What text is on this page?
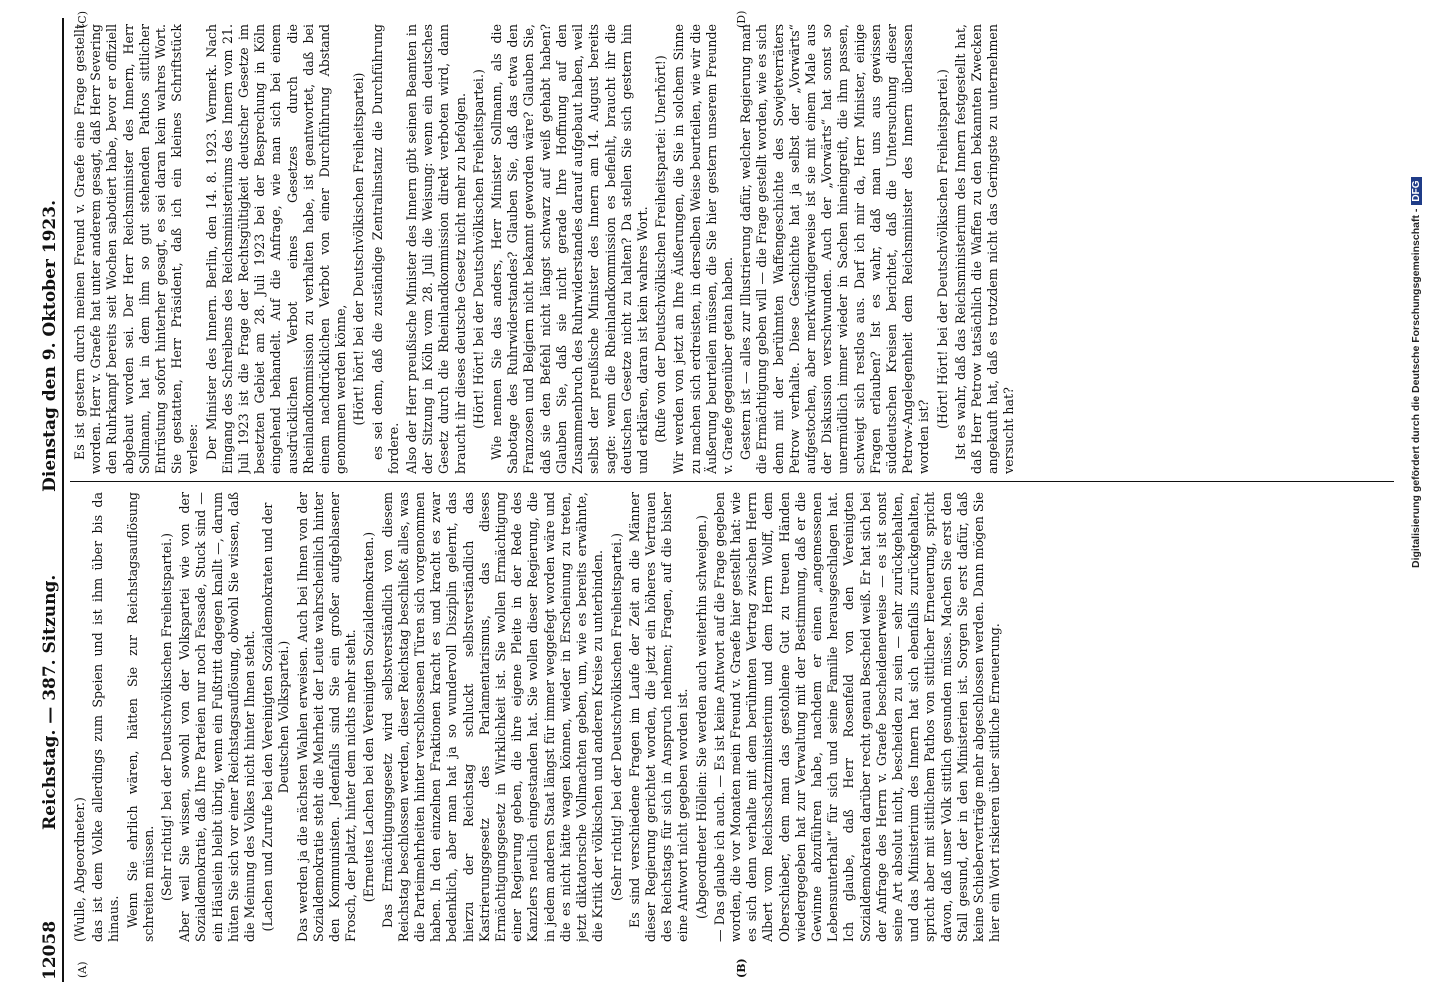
12058
Reichstag. — 387. Sitzung.
Dienstag den 9. Oktober 1923.
(A)	(B)
(C)	(D)

(Wulle, Abgeordneter.) das ist dem Volke allerdings zum Speien und ist ihm über bis da hinaus. Wenn Sie ehrlich wären, hätten Sie zur Reichstagsauflösung schreiten müssen. (Sehr richtig! bei der Deutschvölkischen Freiheitspartei.) Aber weil Sie wissen, sowohl von der Volkspartei wie von der Sozialdemokratie, daß Ihre Parteien nur noch Fassade, Stuck sind — ein Häuslein bleibt übrig, wenn ein Fußtritt dagegen knallt —, darum hüten Sie sich vor einer Reichstagsauflösung, obwohl Sie wissen, daß die Meinung des Volkes nicht hinter Ihnen steht. (Lachen und Zurufe bei den Vereinigten Sozialdemokraten und der Deutschen Volkspartei.) Das werden ja die nächsten Wahlen erweisen. Auch bei Ihnen von der Sozialdemokratie steht die Mehrheit der Leute wahrscheinlich hinter den Kommunisten. Jedenfalls sind Sie ein großer aufgeblasener Frosch, der platzt, hinter dem nichts mehr steht. (Erneutes Lachen bei den Vereinigten Sozialdemokraten.) Das Ermächtigungsgesetz wird selbstverständlich von diesem Reichstag beschlossen werden, dieser Reichstag beschließt alles, was die Parteimehrheiten hinter verschlossenen Türen sich vorgenommen haben. In den einzelnen Fraktionen kracht es und kracht es zwar bedenklich, aber man hat ja so wundervoll Disziplin gelernt, das hierzu der Reichstag schluckt selbstverständlich das Kastrierungsgesetz des Parlamentarismus, das dieses Ermächtigungsgesetz in Wirklichkeit ist. Sie wollen Ermächtigung einer Regierung geben, die ihre eigene Pleite in der Rede des Kanzlers neulich eingestanden hat. Sie wollen dieser Regierung, die in jedem anderen Staat längst für immer weggefegt worden wäre und die es nicht hätte wagen können, wieder in Erscheinung zu treten, jetzt diktatorische Vollmachten geben, um, wie es bereits erwähnte, die Kritik der völkischen und anderen Kreise zu unterbinden. (Sehr richtig! bei der Deutschvölkischen Freiheitspartei.) Es sind verschiedene Fragen im Laufe der Zeit an die Männer dieser Regierung gerichtet worden, die jetzt ein höheres Vertrauen des Reichstags für sich in Anspruch nehmen; Fragen, auf die bisher eine Antwort nicht gegeben worden ist. (Abgeordneter Höllein: Sie werden auch weiterhin schweigen.) — Das glaube ich auch. — Es ist keine Antwort auf die Frage gegeben worden, die vor Monaten mein Freund v. Graefe hier gestellt hat: wie es sich denn verhalte mit dem berühmten Vertrag zwischen Herrn Albert vom Reichsschatzministerium und dem Herrn Wolff, dem Oberschieber, dem man das gestohlene Gut zu treuen Händen wiedergegeben hat zur Verwaltung mit der Bestimmung, daß er die Gewinne abzuführen habe, nachdem er einen „angemessenen Lebensunterhalt“ für sich und seine Familie herausgeschlagen hat. Ich glaube, daß Herr Rosenfeld von den Vereinigten Sozialdemokraten darüber recht genau Bescheid weiß. Er hat sich bei der Anfrage des Herrn v. Graefe bescheidenerweise — es ist sonst seine Art absolut nicht, bescheiden zu sein — sehr zurückgehalten, und das Ministerium des Innern hat sich ebenfalls zurückgehalten, spricht aber mit sittlichem Pathos von sittlicher Erneuerung, spricht davon, daß unser Volk sittlich gesunden müsse. Machen Sie erst den Stall gesund, der in den Ministerien ist. Sorgen Sie erst dafür, daß keine Schieberverträge mehr abgeschlossen werden. Dann mögen Sie hier ein Wort riskieren über sittliche Erneuerung.

Es ist gestern durch meinen Freund v. Graefe eine Frage gestellt worden. Herr v. Graefe hat unter anderem gesagt, daß Herr Severing den Ruhrkampf bereits seit Wochen sabotiert habe, bevor er offiziell abgebaut worden sei. Der Herr Reichsminister des Innern, Herr Sollmann, hat in dem ihm so gut stehenden Pathos sittlicher Entrüstung sofort hinterher gesagt, es sei daran kein wahres Wort. Sie gestatten, Herr Präsident, daß ich ein kleines Schriftstück verlese: Der Minister des Innern. Berlin, den 14. 8. 1923. Vermerk. Nach Eingang des Schreibens des Reichsministeriums des Innern vom 21. Juli 1923 ist die Frage der Rechtsgültigkeit deutscher Gesetze im besetzten Gebiet am 28. Juli 1923 bei der Besprechung in Köln eingehend behandelt. Auf die Anfrage, wie man sich bei einem ausdrücklichen Verbot eines Gesetzes durch die Rheinlandkommission zu verhalten habe, ist geantwortet, daß bei einem nachdrücklichen Verbot von einer Durchführung Abstand genommen werden könne, (Hört! hört! bei der Deutschvölkischen Freiheitspartei) es sei denn, daß die zuständige Zentralinstanz die Durchführung fordere. Also der Herr preußische Minister des Innern gibt seinen Beamten in der Sitzung in Köln vom 28. Juli die Weisung: wenn ein deutsches Gesetz durch die Rheinlandkommission direkt verboten wird, dann braucht ihr dieses deutsche Gesetz nicht mehr zu befolgen. (Hört! Hört! bei der Deutschvölkischen Freiheitspartei.) Wie nennen Sie das anders, Herr Minister Sollmann, als die Sabotage des Ruhrwiderstandes? Glauben Sie, daß das etwa den Franzosen und Belgiern nicht bekannt geworden wäre? Glauben Sie, daß sie den Befehl nicht längst schwarz auf weiß gehabt haben? Glauben Sie, daß sie nicht gerade Ihre Hoffnung auf den Zusammenbruch des Ruhrwiderstandes darauf aufgebaut haben, weil selbst der preußische Minister des Innern am 14. August bereits sagte: wenn die Rheinlandkommission es befiehlt, braucht ihr die deutschen Gesetze nicht zu halten? Da stellen Sie sich gestern hin und erklären, daran ist kein wahres Wort. (Rufe von der Deutschvölkischen Freiheitspartei: Unerhört!) Wir werden von jetzt an Ihre Äußerungen, die Sie in solchem Sinne zu machen sich erdreisten, in derselben Weise beurteilen, wie wir die Äußerung beurteilen müssen, die Sie hier gestern unserem Freunde v. Graefe gegenüber getan haben. Gestern ist — alles zur Illustrierung dafür, welcher Regierung man die Ermächtigung geben will — die Frage gestellt worden, wie es sich denn mit der berühmten Waffengeschichte des Sowjetverräters Petrow verhalte. Diese Geschichte hat ja selbst der „Vorwärts“ aufgestochen, aber merkwürdigerweise ist sie mit einem Male aus der Diskussion verschwunden. Auch der „Vorwärts“ hat sonst so unermüdlich immer wieder in Sachen hineingreift, die ihm passen, schweigt sich restlos aus. Darf ich mir da, Herr Minister, einige Fragen erlauben? Ist es wahr, daß man uns aus gewissen süddeutschen Kreisen berichtet, daß die Untersuchung dieser Petrow-Angelegenheit dem Reichsminister des Innern überlassen worden ist?

(Hört! Hört! bei der Deutschvölkischen Freiheitspartei.) Ist es wahr, daß das Reichsministerium des Innern festgestellt hat, daß Herr Petrow tatsächlich die Waffen zu den bekannten Zwecken angekauft hat, daß es trotzdem nicht das Geringste zu unternehmen versucht hat?	Digitalisierung gefördert durch die Deutsche Forschungsgemeinschaft -DFG
